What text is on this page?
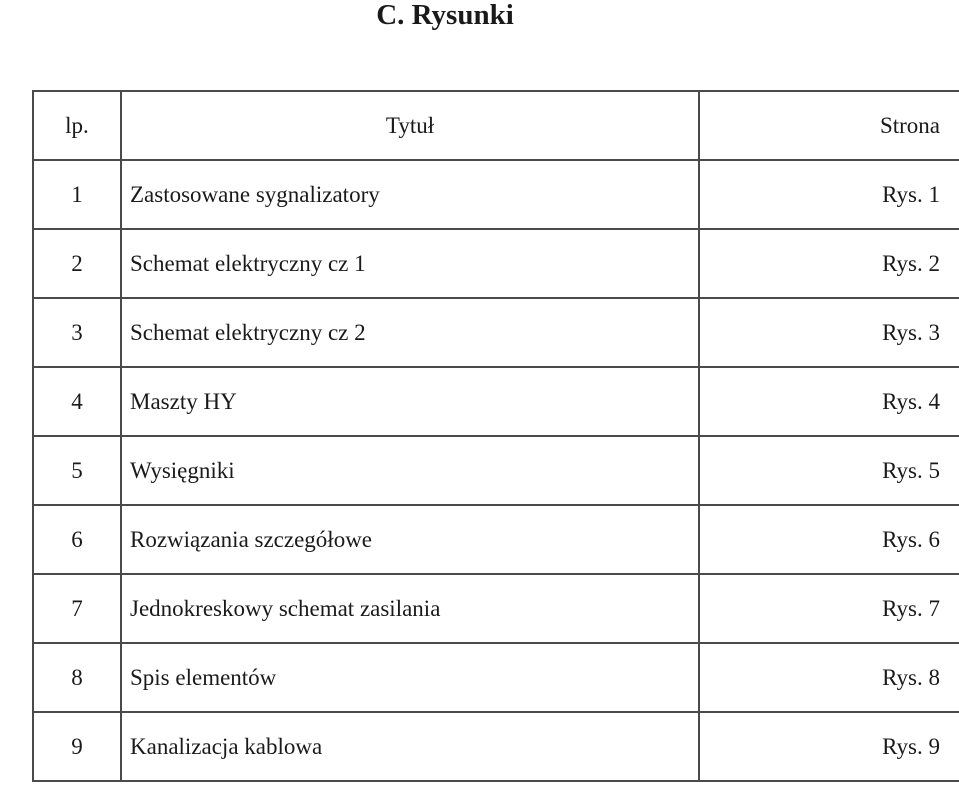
C. Rysunki
lp.	Tytuł	Strona
1	Zastosowane sygnalizatory	Rys. 1
2	Schemat elektryczny cz 1	Rys. 2
3	Schemat elektryczny cz 2	Rys. 3
4	Maszty HY	Rys. 4
5	Wysięgniki	Rys. 5
6	Rozwiązania szczegółowe	Rys. 6
7	Jednokreskowy schemat zasilania	Rys. 7
8	Spis elementów	Rys. 8
9	Kanalizacja kablowa	Rys. 9
